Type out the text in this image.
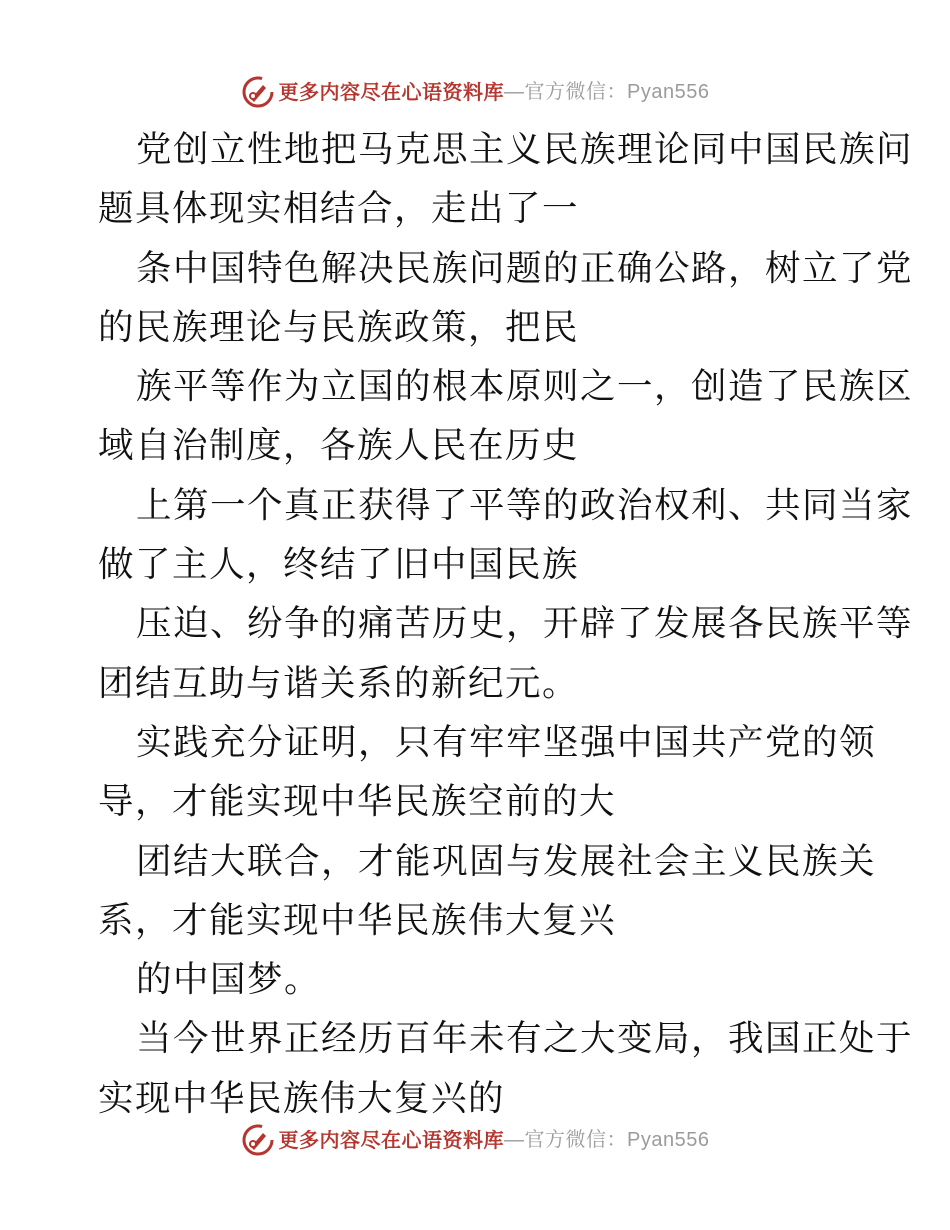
更多内容尽在心语资料库 — 官方微信：Pyan556
党创立性地把马克思主义民族理论同中国民族问
题具体现实相结合，走出了一
条中国特色解决民族问题的正确公路，树立了党
的民族理论与民族政策，把民
族平等作为立国的根本原则之一，创造了民族区
域自治制度，各族人民在历史
上第一个真正获得了平等的政治权利、共同当家
做了主人，终结了旧中国民族
压迫、纷争的痛苦历史，开辟了发展各民族平等
团结互助与谐关系的新纪元。
实践充分证明，只有牢牢坚强中国共产党的领
导，才能实现中华民族空前的大
团结大联合，才能巩固与发展社会主义民族关
系，才能实现中华民族伟大复兴
的中国梦。
当今世界正经历百年未有之大变局，我国正处于
实现中华民族伟大复兴的
更多内容尽在心语资料库 — 官方微信：Pyan556
